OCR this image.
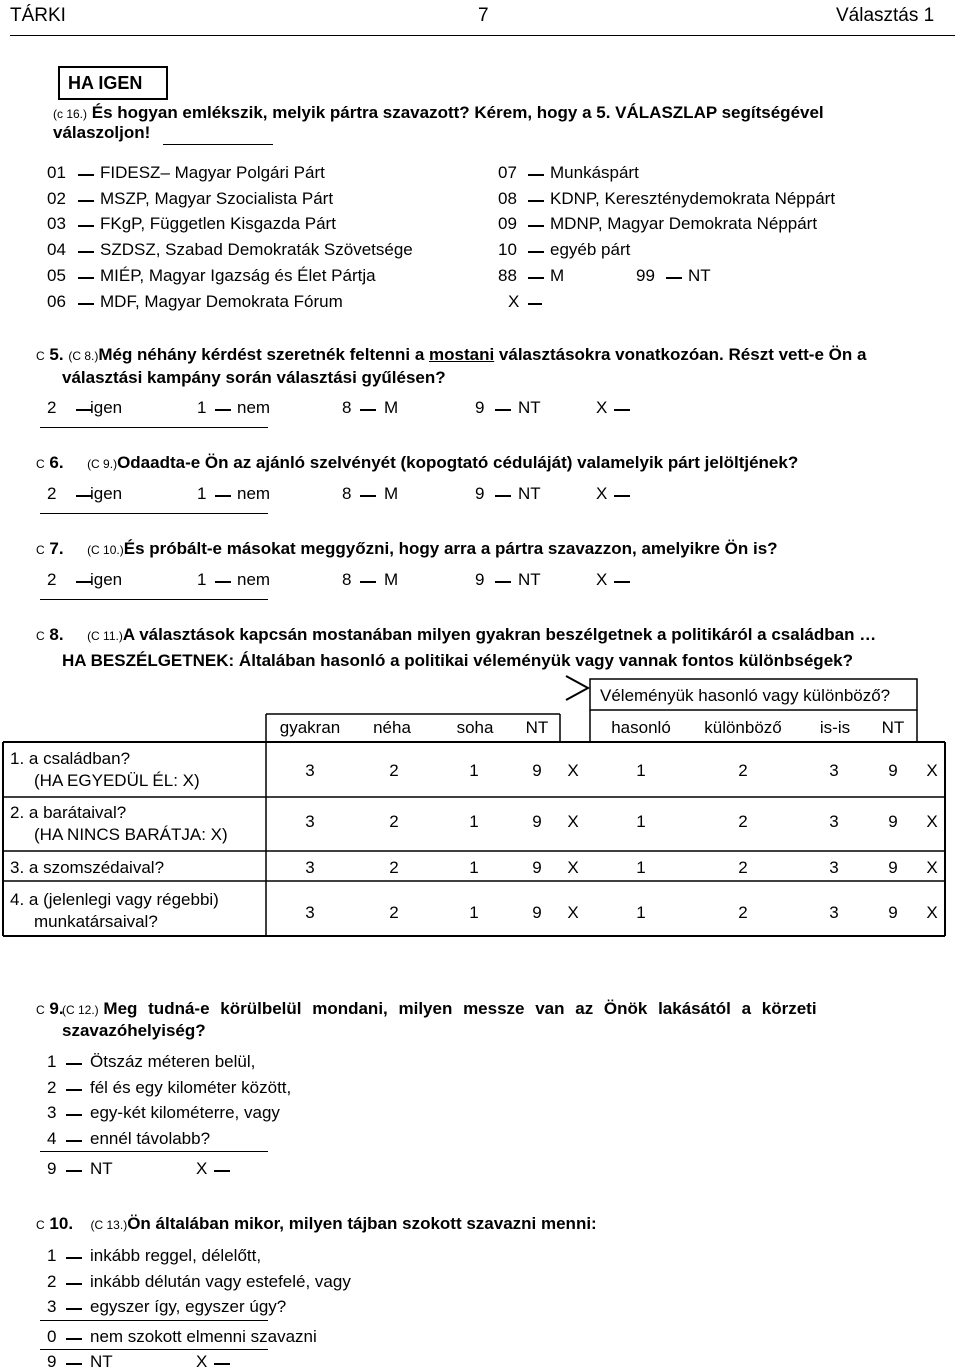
TÁRKI	7	Választás 1
HA IGEN
(c 16.) És hogyan emlékszik, melyik pártra szavazott? Kérem, hogy a 5. VÁLASZLAP segítségével
válaszoljon!
01 FIDESZ– Magyar Polgári Párt
02 MSZP, Magyar Szocialista Párt
03 FKgP, Független Kisgazda Párt
04 SZDSZ, Szabad Demokraták Szövetsége
05 MIÉP, Magyar Igazság és Élet Pártja
06 MDF, Magyar Demokrata Fórum
07 Munkáspárt
08 KDNP, Kereszténydemokrata Néppárt
09 MDNP, Magyar Demokrata Néppárt
10 egyéb párt
88 M	99 NT
X
C 5. (C 8.)Még néhány kérdést szeretnék feltenni a mostani választásokra vonatkozóan. Részt vett-e Ön a
választási kampány során választási gyűlésen?
2 igen	1 nem	8 M	9 NT	X
C 6. (C 9.)Odaadta-e Ön az ajánló szelvényét (kopogtató céduláját) valamelyik párt jelöltjének?
2 igen	1 nem	8 M	9 NT	X
C 7. (C 10.)És próbált-e másokat meggyőzni, hogy arra a pártra szavazzon, amelyikre Ön is?
2 igen	1 nem	8 M	9 NT	X
C 8. (C 11.)A választások kapcsán mostanában milyen gyakran beszélgetnek a politikáról a családban …
HA BESZÉLGETNEK: Általában hasonló a politikai véleményük vagy vannak fontos különbségek?
Véleményük hasonló vagy különböző?
gyakran	néha	soha	NT	hasonló	különböző	is-is	NT
1. a családban?
(HA EGYEDÜL ÉL: X)
3	2	1	9	X	1	2	3	9	X
2. a barátaival?
(HA NINCS BARÁTJA: X)
3	2	1	9	X	1	2	3	9	X
3. a szomszédaival?	3	2	1	9	X	1	2	3	9	X
4. a (jelenlegi vagy régebbi)
munkatársaival?	3	2	1	9	X	1	2	3	9	X
C 9.
(C 12.) Meg tudná-e körülbelül mondani, milyen messze van az Önök lakásától a körzeti
szavazóhelyiség?
1 Ötszáz méteren belül,
2 fél és egy kilométer között,
3 egy-két kilométerre, vagy
4 ennél távolabb?
9 NT	X
C 10. (C 13.)Ön általában mikor, milyen tájban szokott szavazni menni:
1 inkább reggel, délelőtt,
2 inkább délután vagy estefelé, vagy
3 egyszer így, egyszer úgy?
0 nem szokott elmenni szavazni
9 NT	X
